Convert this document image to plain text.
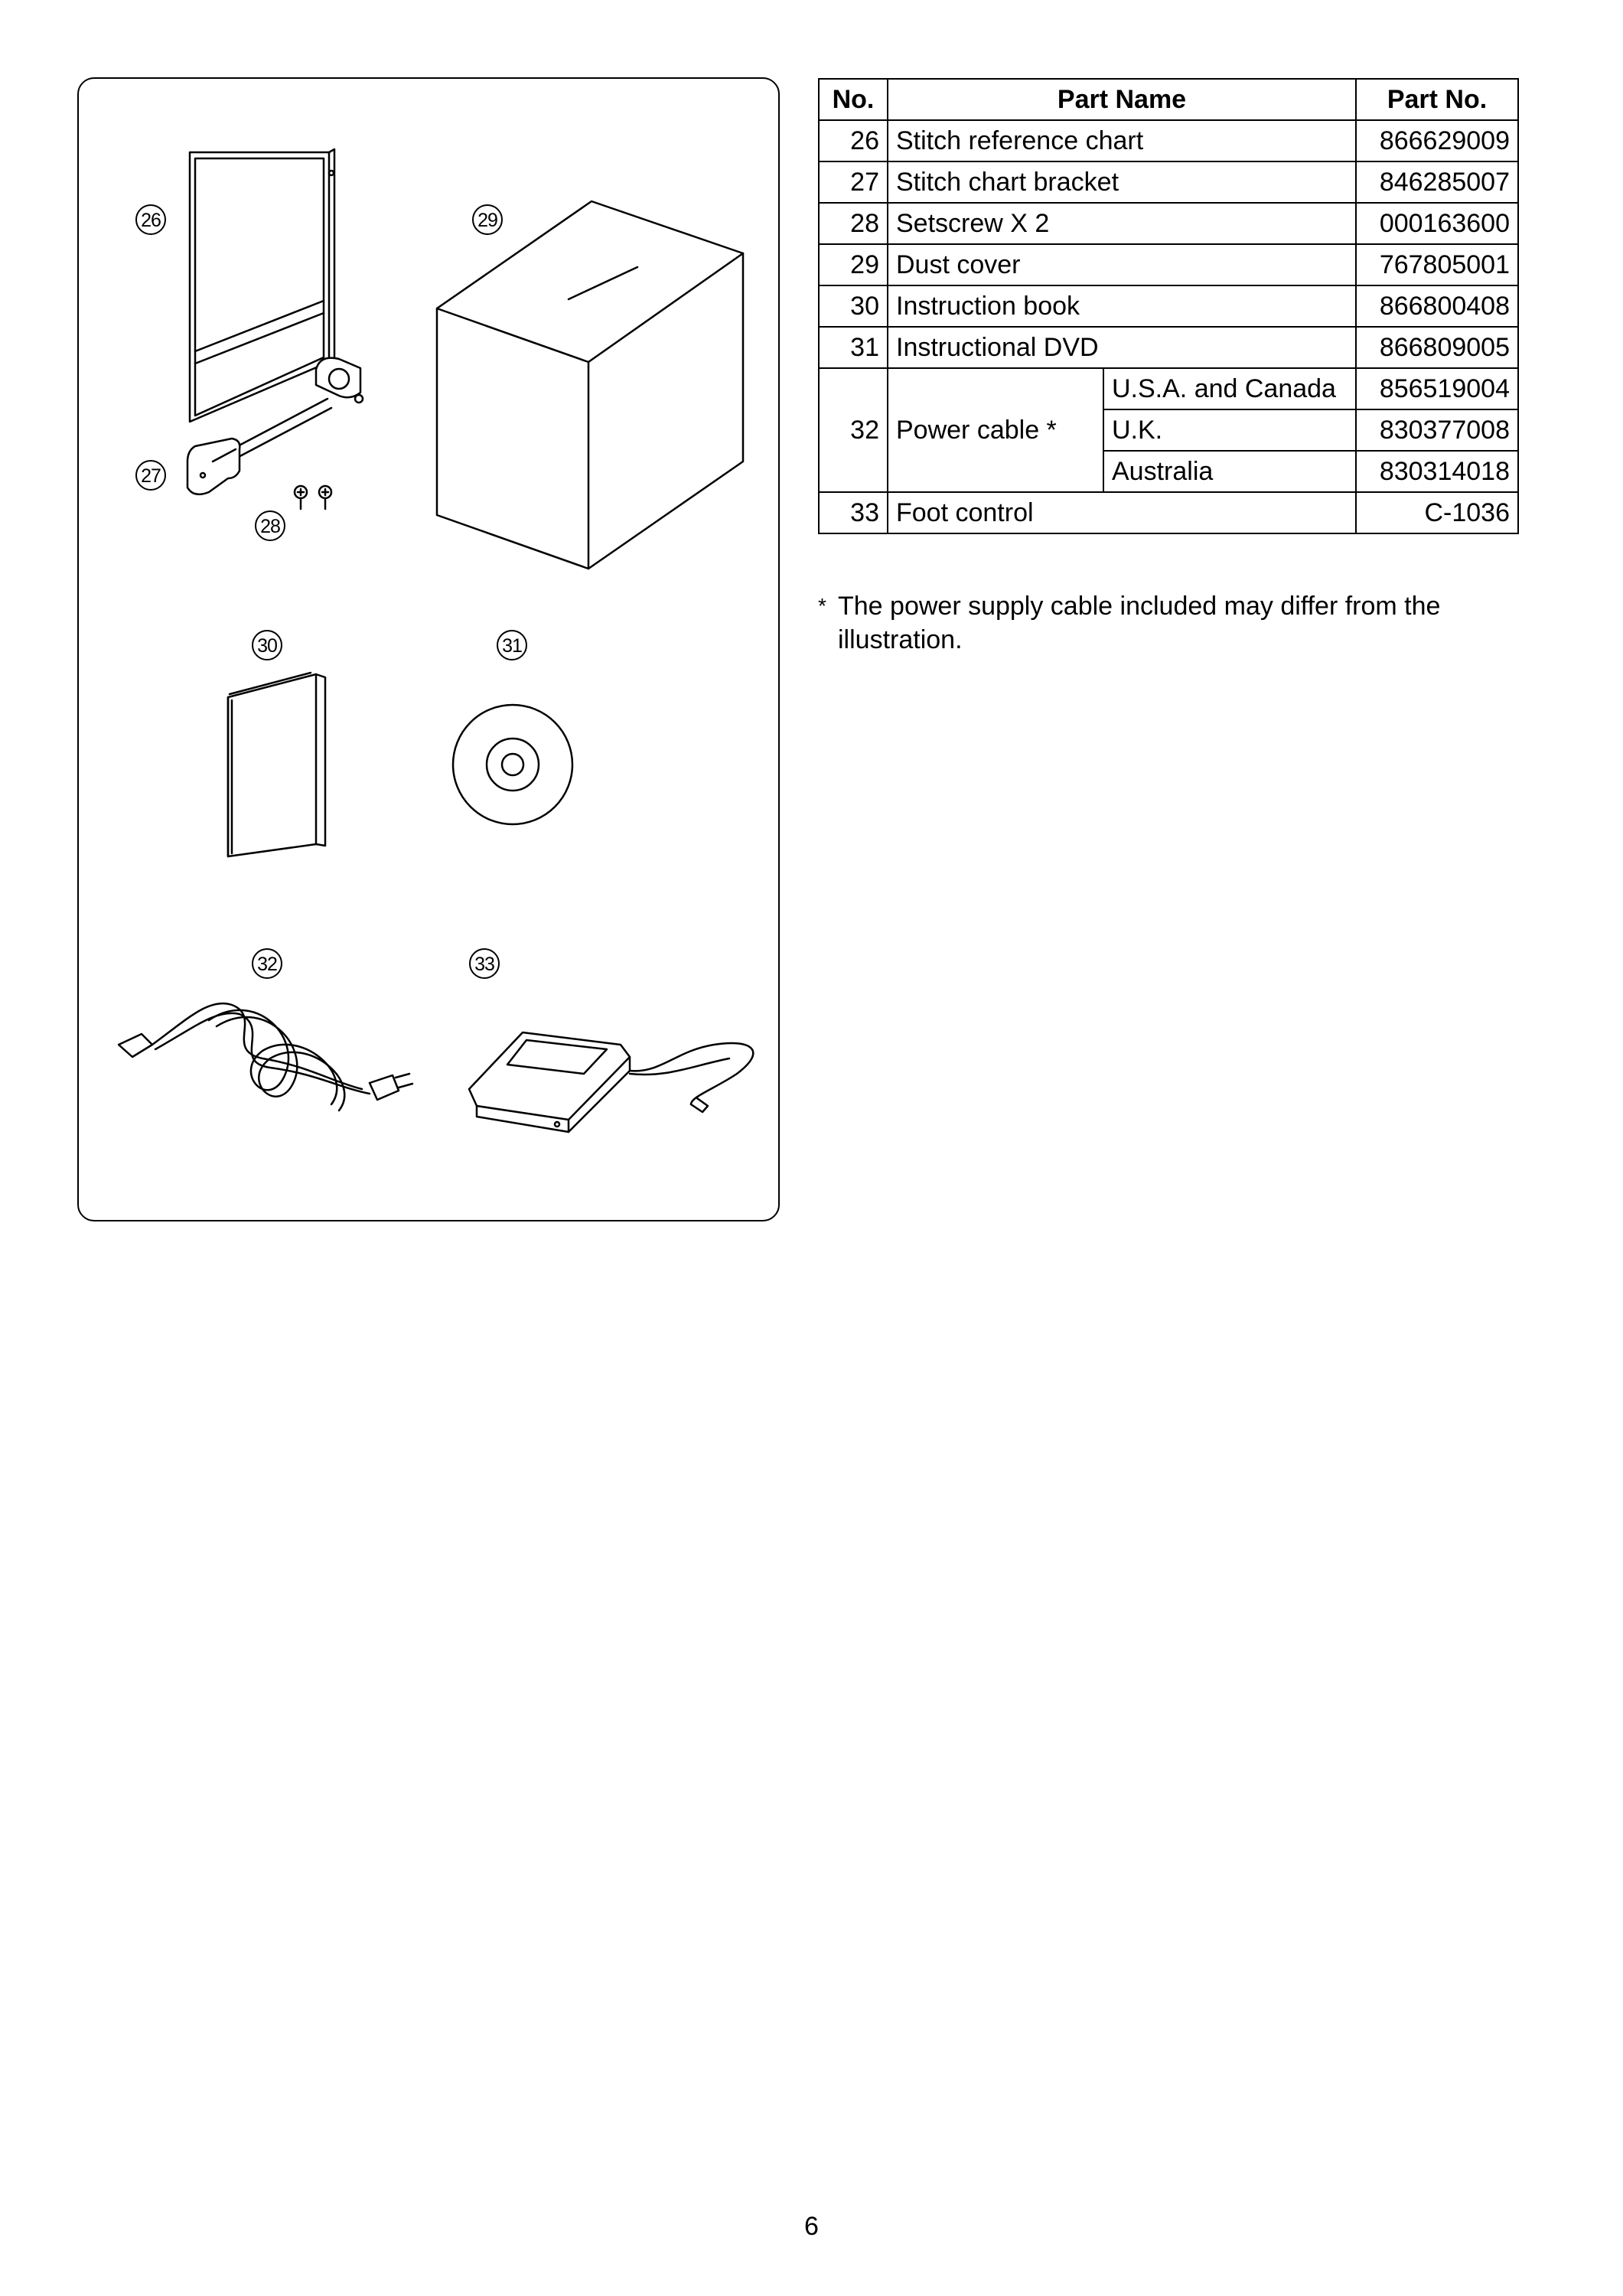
26
27
28
29
30	31
32	33
No.	Part Name		Part No.
26	Stitch reference chart		866629009
27	Stitch chart bracket		846285007
28	Setscrew X 2		000163600
29	Dust cover		767805001
30	Instruction book		866800408
31	Instructional DVD		866809005
32	Power cable *	U.S.A. and Canada	856519004
		U.K.	830377008
		Australia	830314018
33	Foot control		C-1036
* The power supply cable included may differ from the illustration.
6
